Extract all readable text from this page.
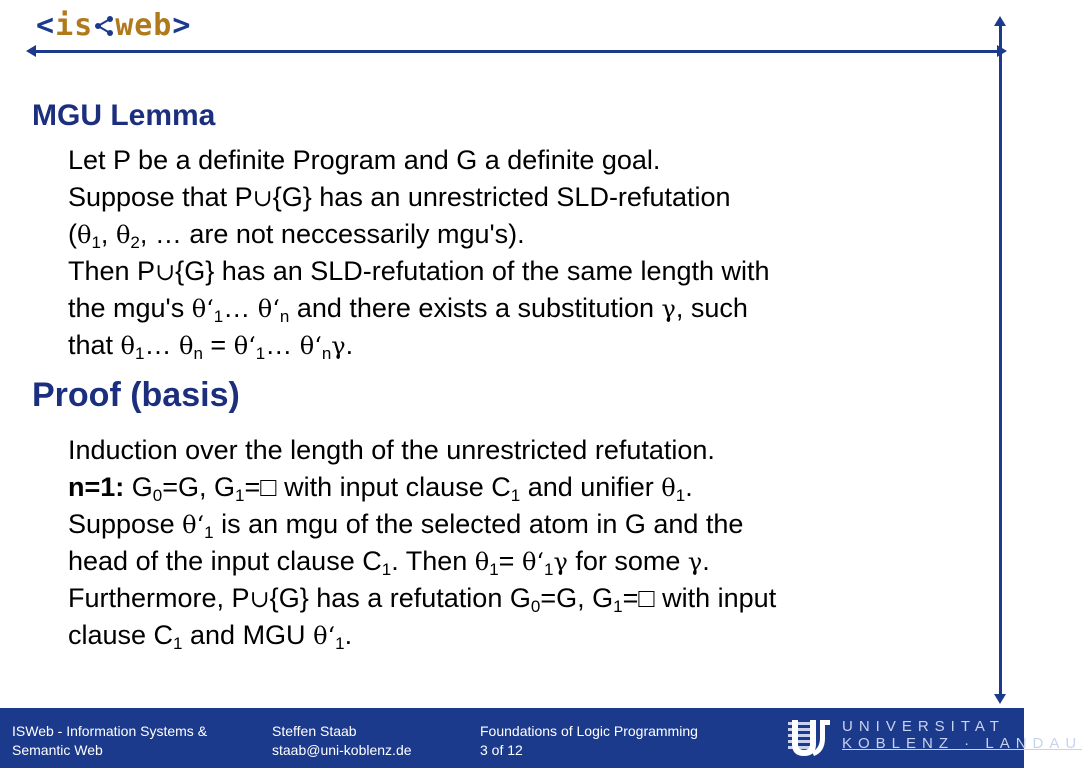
<is web>
MGU Lemma
Let P be a definite Program and G a definite goal.
Suppose that P∪{G} has an unrestricted SLD-refutation
($\theta_1$, $\theta_2$, … are not neccessarily mgu's).
Then P∪{G} has an SLD-refutation of the same length with
the mgu's $\theta‘_1\dots$ $\theta‘_n$ and there exists a substitution γ, such
that $\theta_1\dots$ $\theta_n$ = $\theta‘_1\dots$ $\theta‘_n\gamma$.
Proof (basis)
Induction over the length of the unrestricted refutation.
n=1: $G_0=G$, $G_1=□$ with input clause $C_1$ and unifier $\theta_1$.
Suppose $\theta‘_1$ is an mgu of the selected atom in G and the
head of the input clause $C_1$. Then $\theta_1=$ $\theta‘_1\gamma$ for some γ.
Furthermore, P∪{G} has a refutation $G_0=G$, $G_1=□$ with input
clause $C_1$ and MGU $\theta‘_1$.
ISWeb - Information Systems &
Semantic Web
Steffen Staab
staab@uni-koblenz.de
Foundations of Logic Programming
3 of 12
UNIVERSITAT
KOBLENZ · LANDAU
